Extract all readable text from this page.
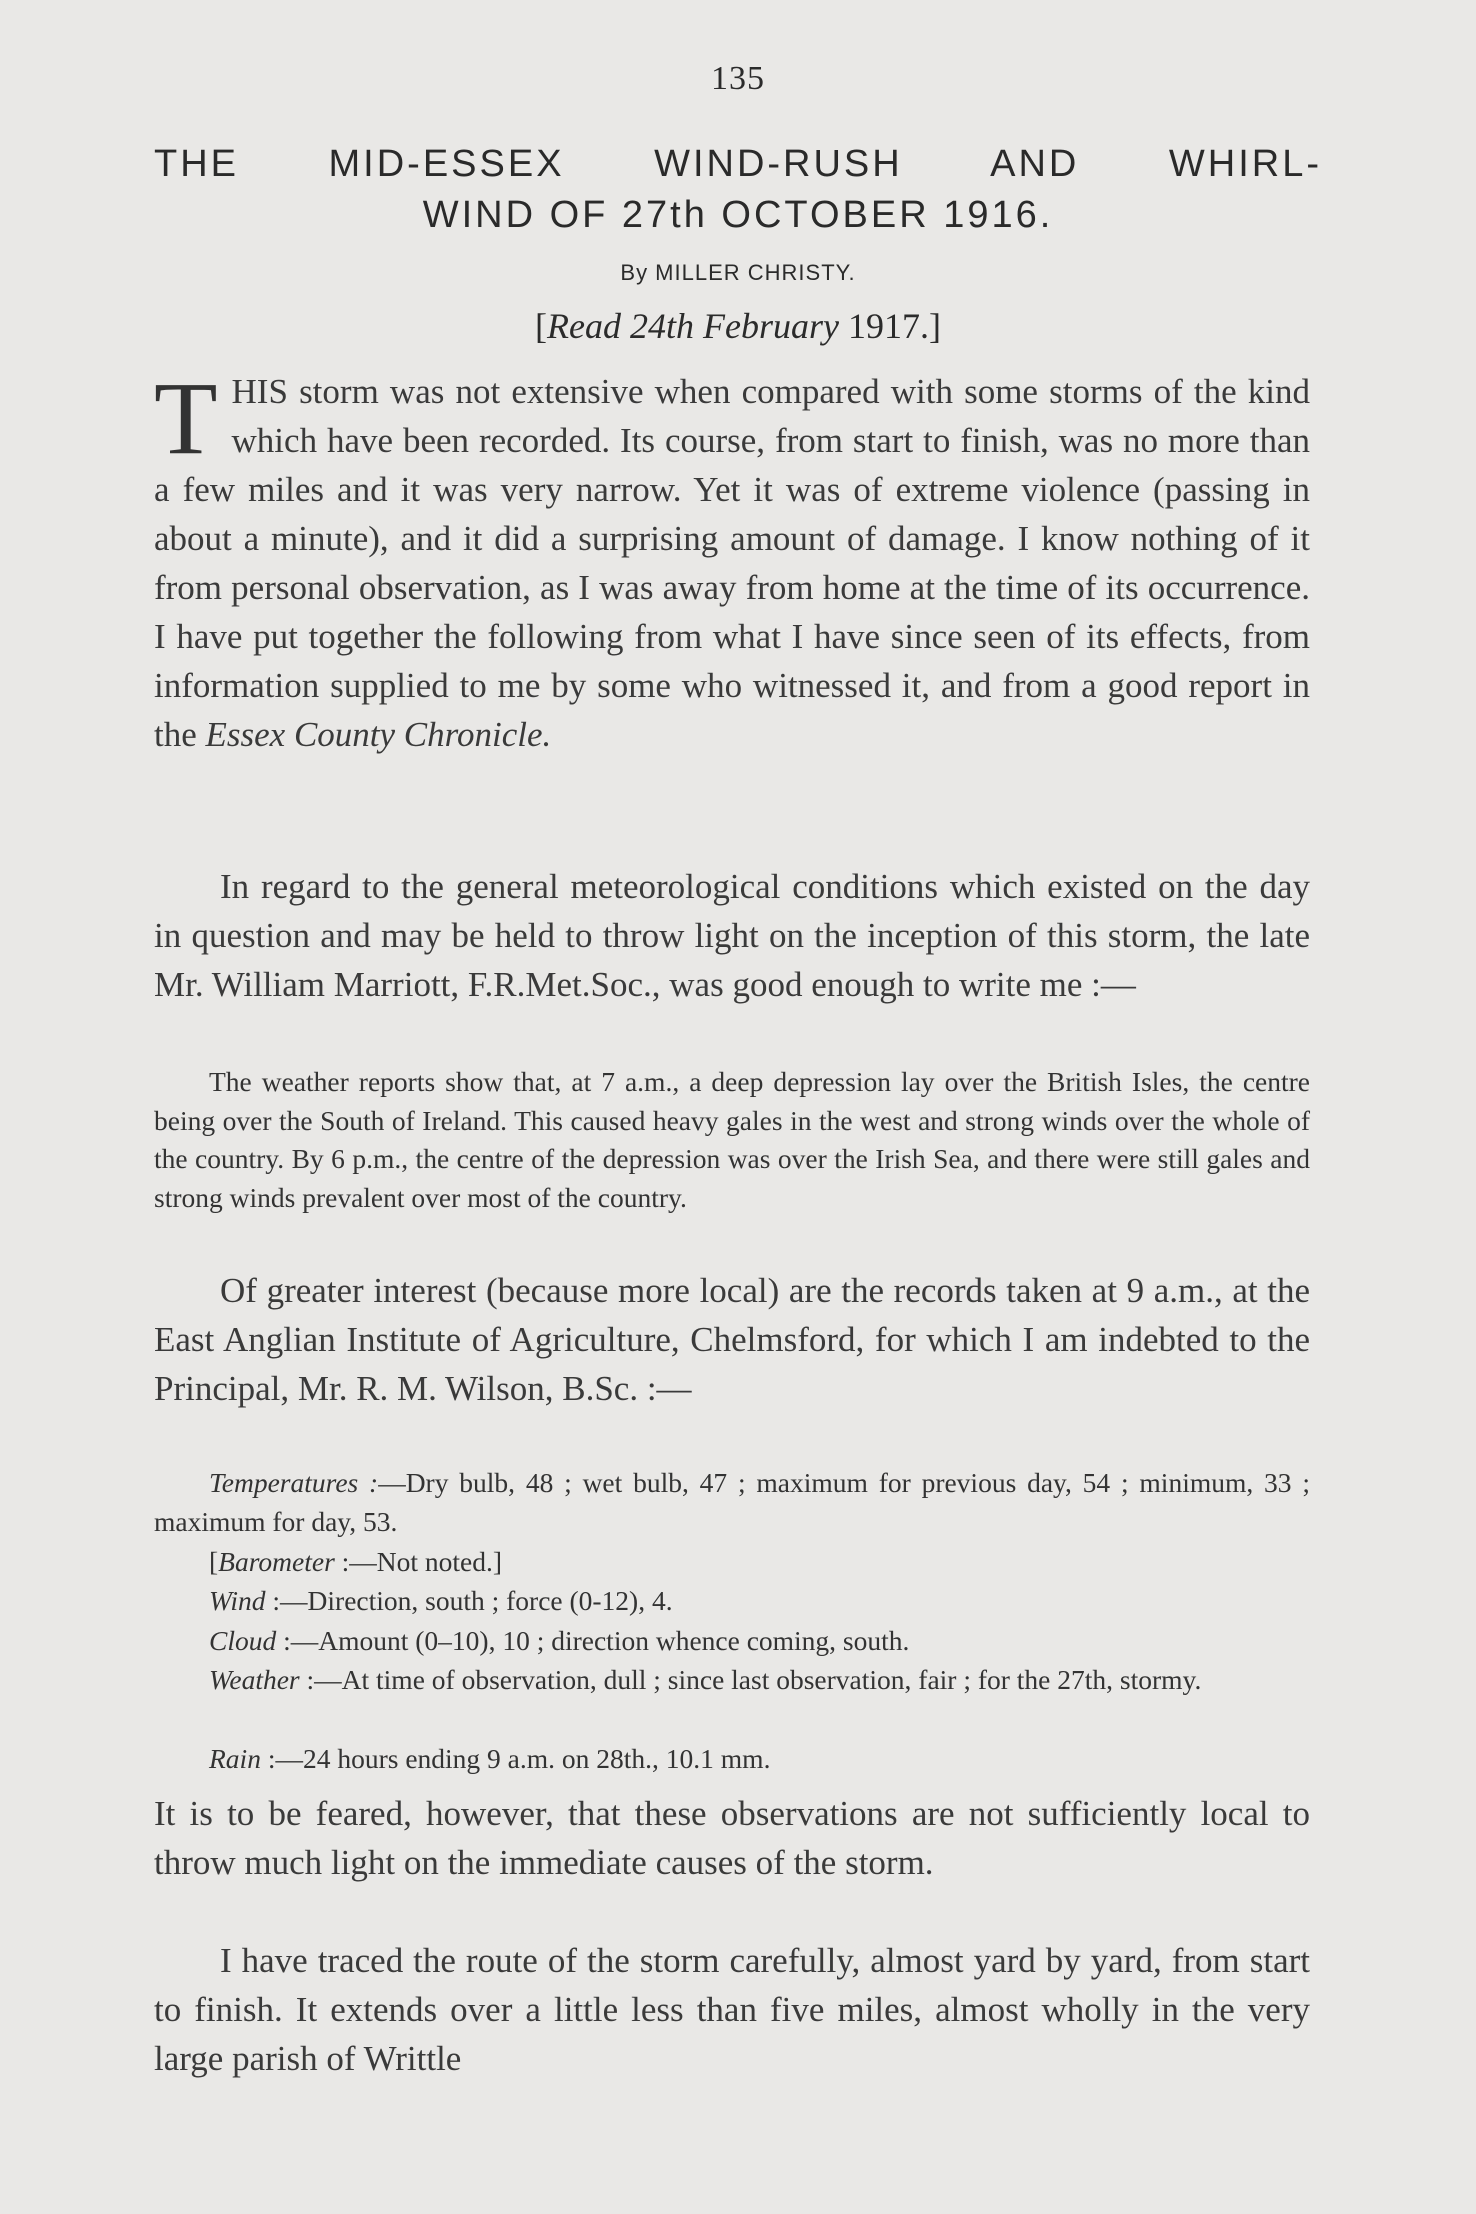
135
THE MID-ESSEX WIND-RUSH AND WHIRL-
WIND OF 27th OCTOBER 1916.
By MILLER CHRISTY.
[Read 24th February 1917.]
THIS storm was not extensive when compared with some storms of the kind which have been recorded. Its course, from start to finish, was no more than a few miles and it was very narrow. Yet it was of extreme violence (passing in about a minute), and it did a surprising amount of damage. I know nothing of it from personal observation, as I was away from home at the time of its occurrence. I have put together the following from what I have since seen of its effects, from information supplied to me by some who witnessed it, and from a good report in the Essex County Chronicle.
In regard to the general meteorological conditions which existed on the day in question and may be held to throw light on the inception of this storm, the late Mr. William Marriott, F.R.Met.Soc., was good enough to write me :—
The weather reports show that, at 7 a.m., a deep depression lay over the British Isles, the centre being over the South of Ireland. This caused heavy gales in the west and strong winds over the whole of the country. By 6 p.m., the centre of the depression was over the Irish Sea, and there were still gales and strong winds prevalent over most of the country.
Of greater interest (because more local) are the records taken at 9 a.m., at the East Anglian Institute of Agriculture, Chelmsford, for which I am indebted to the Principal, Mr. R. M. Wilson, B.Sc. :—
Temperatures :—Dry bulb, 48 ; wet bulb, 47 ; maximum for previous day, 54 ; minimum, 33 ; maximum for day, 53.
[Barometer :—Not noted.]
Wind :—Direction, south ; force (0-12), 4.
Cloud :—Amount (0–10), 10 ; direction whence coming, south.
Weather :—At time of observation, dull ; since last observation, fair ; for the 27th, stormy.
Rain :—24 hours ending 9 a.m. on 28th., 10.1 mm.
It is to be feared, however, that these observations are not sufficiently local to throw much light on the immediate causes of the storm.
I have traced the route of the storm carefully, almost yard by yard, from start to finish. It extends over a little less than five miles, almost wholly in the very large parish of Writtle
